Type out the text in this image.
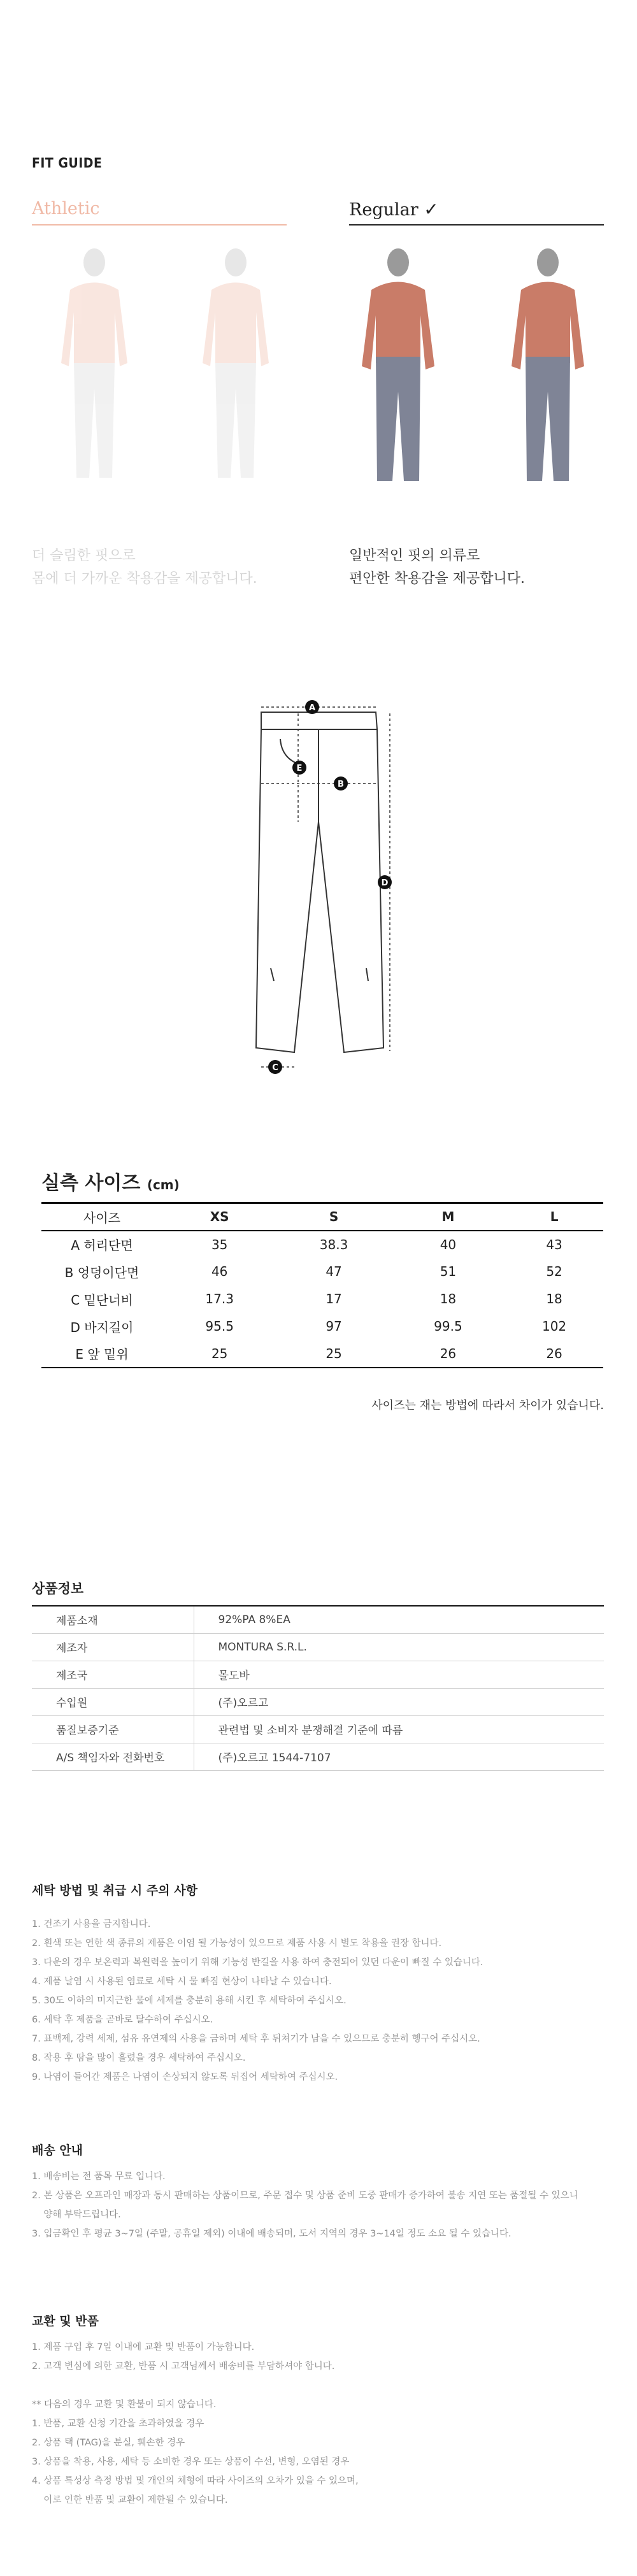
FIT GUIDE
Athletic	Regular ✓
더 슬림한 핏으로
몸에 더 가까운 착용감을 제공합니다.
일반적인 핏의 의류로
편안한 착용감을 제공합니다.
A
E
B
D
C
실측 사이즈 (cm)
사이즈	XS	S	M	L
A 허리단면	35	38.3	40	43
B 엉덩이단면	46	47	51	52
C 밑단너비	17.3	17	18	18
D 바지길이	95.5	97	99.5	102
E 앞 밑위	25	25	26	26
사이즈는 재는 방법에 따라서 차이가 있습니다.
상품정보
제품소재	92%PA 8%EA
제조자	MONTURA S.R.L.
제조국	몰도바
수입원	(주)오르고
품질보증기준	관련법 및 소비자 분쟁해결 기준에 따름
A/S 책임자와 전화번호	(주)오르고 1544-7107
세탁 방법 및 취급 시 주의 사항

1. 건조기 사용을 금지합니다.

2. 흰색 또는 연한 색 종류의 제품은 이염 될 가능성이 있으므로 제품 사용 시 별도 착용을 권장 합니다.

3. 다운의 경우 보온력과 복원력을 높이기 위해 기능성 반길을 사용 하여 충전되어 있던 다운이 빠질 수 있습니다.

4. 제품 날염 시 사용된 염료로 세탁 시 물 빠짐 현상이 나타날 수 있습니다.

5. 30도 이하의 미지근한 물에 세제를 충분히 용해 시킨 후 세탁하여 주십시오.

6. 세탁 후 제품을 곧바로 탈수하여 주십시오.

7. 표백제, 강력 세제, 섬유 유연제의 사용을 금하며 세탁 후 뒤쳐기가 남을 수 있으므로 충분히 헹구어 주십시오.

8. 작용 후 땀을 많이 흘렸을 경우 세탁하여 주십시오.

9. 나염이 들어간 제품은 나염이 손상되지 않도록 뒤집어 세탁하여 주십시오.

배송 안내

1. 배송비는 전 품목 무료 입니다.

2. 본 상품은 오프라인 매장과 동시 판매하는 상품이므로, 주문 접수 및 상품 준비 도중 판매가 증가하여 불송 지연 또는 품절될 수 있으니

양해 부탁드립니다.

3. 입금확인 후 평균 3~7일 (주말, 공휴일 제외) 이내에 배송되며, 도서 지역의 경우 3~14일 정도 소요 될 수 있습니다.

교환 및 반품

1. 제품 구입 후 7일 이내에 교환 및 반품이 가능합니다.

2. 고객 변심에 의한 교환, 반품 시 고객님께서 배송비를 부담하셔야 합니다.

** 다음의 경우 교환 및 환불이 되지 않습니다.

1. 반품, 교환 신청 기간을 초과하였을 경우

2. 상품 택 (TAG)을 분실, 훼손한 경우

3. 상품을 착용, 사용, 세탁 등 소비한 경우 또는 상품이 수선, 변형, 오염된 경우

4. 상품 특성상 측정 방법 및 개인의 체형에 따라 사이즈의 오차가 있을 수 있으며,

이로 인한 반품 및 교환이 제한될 수 있습니다.
